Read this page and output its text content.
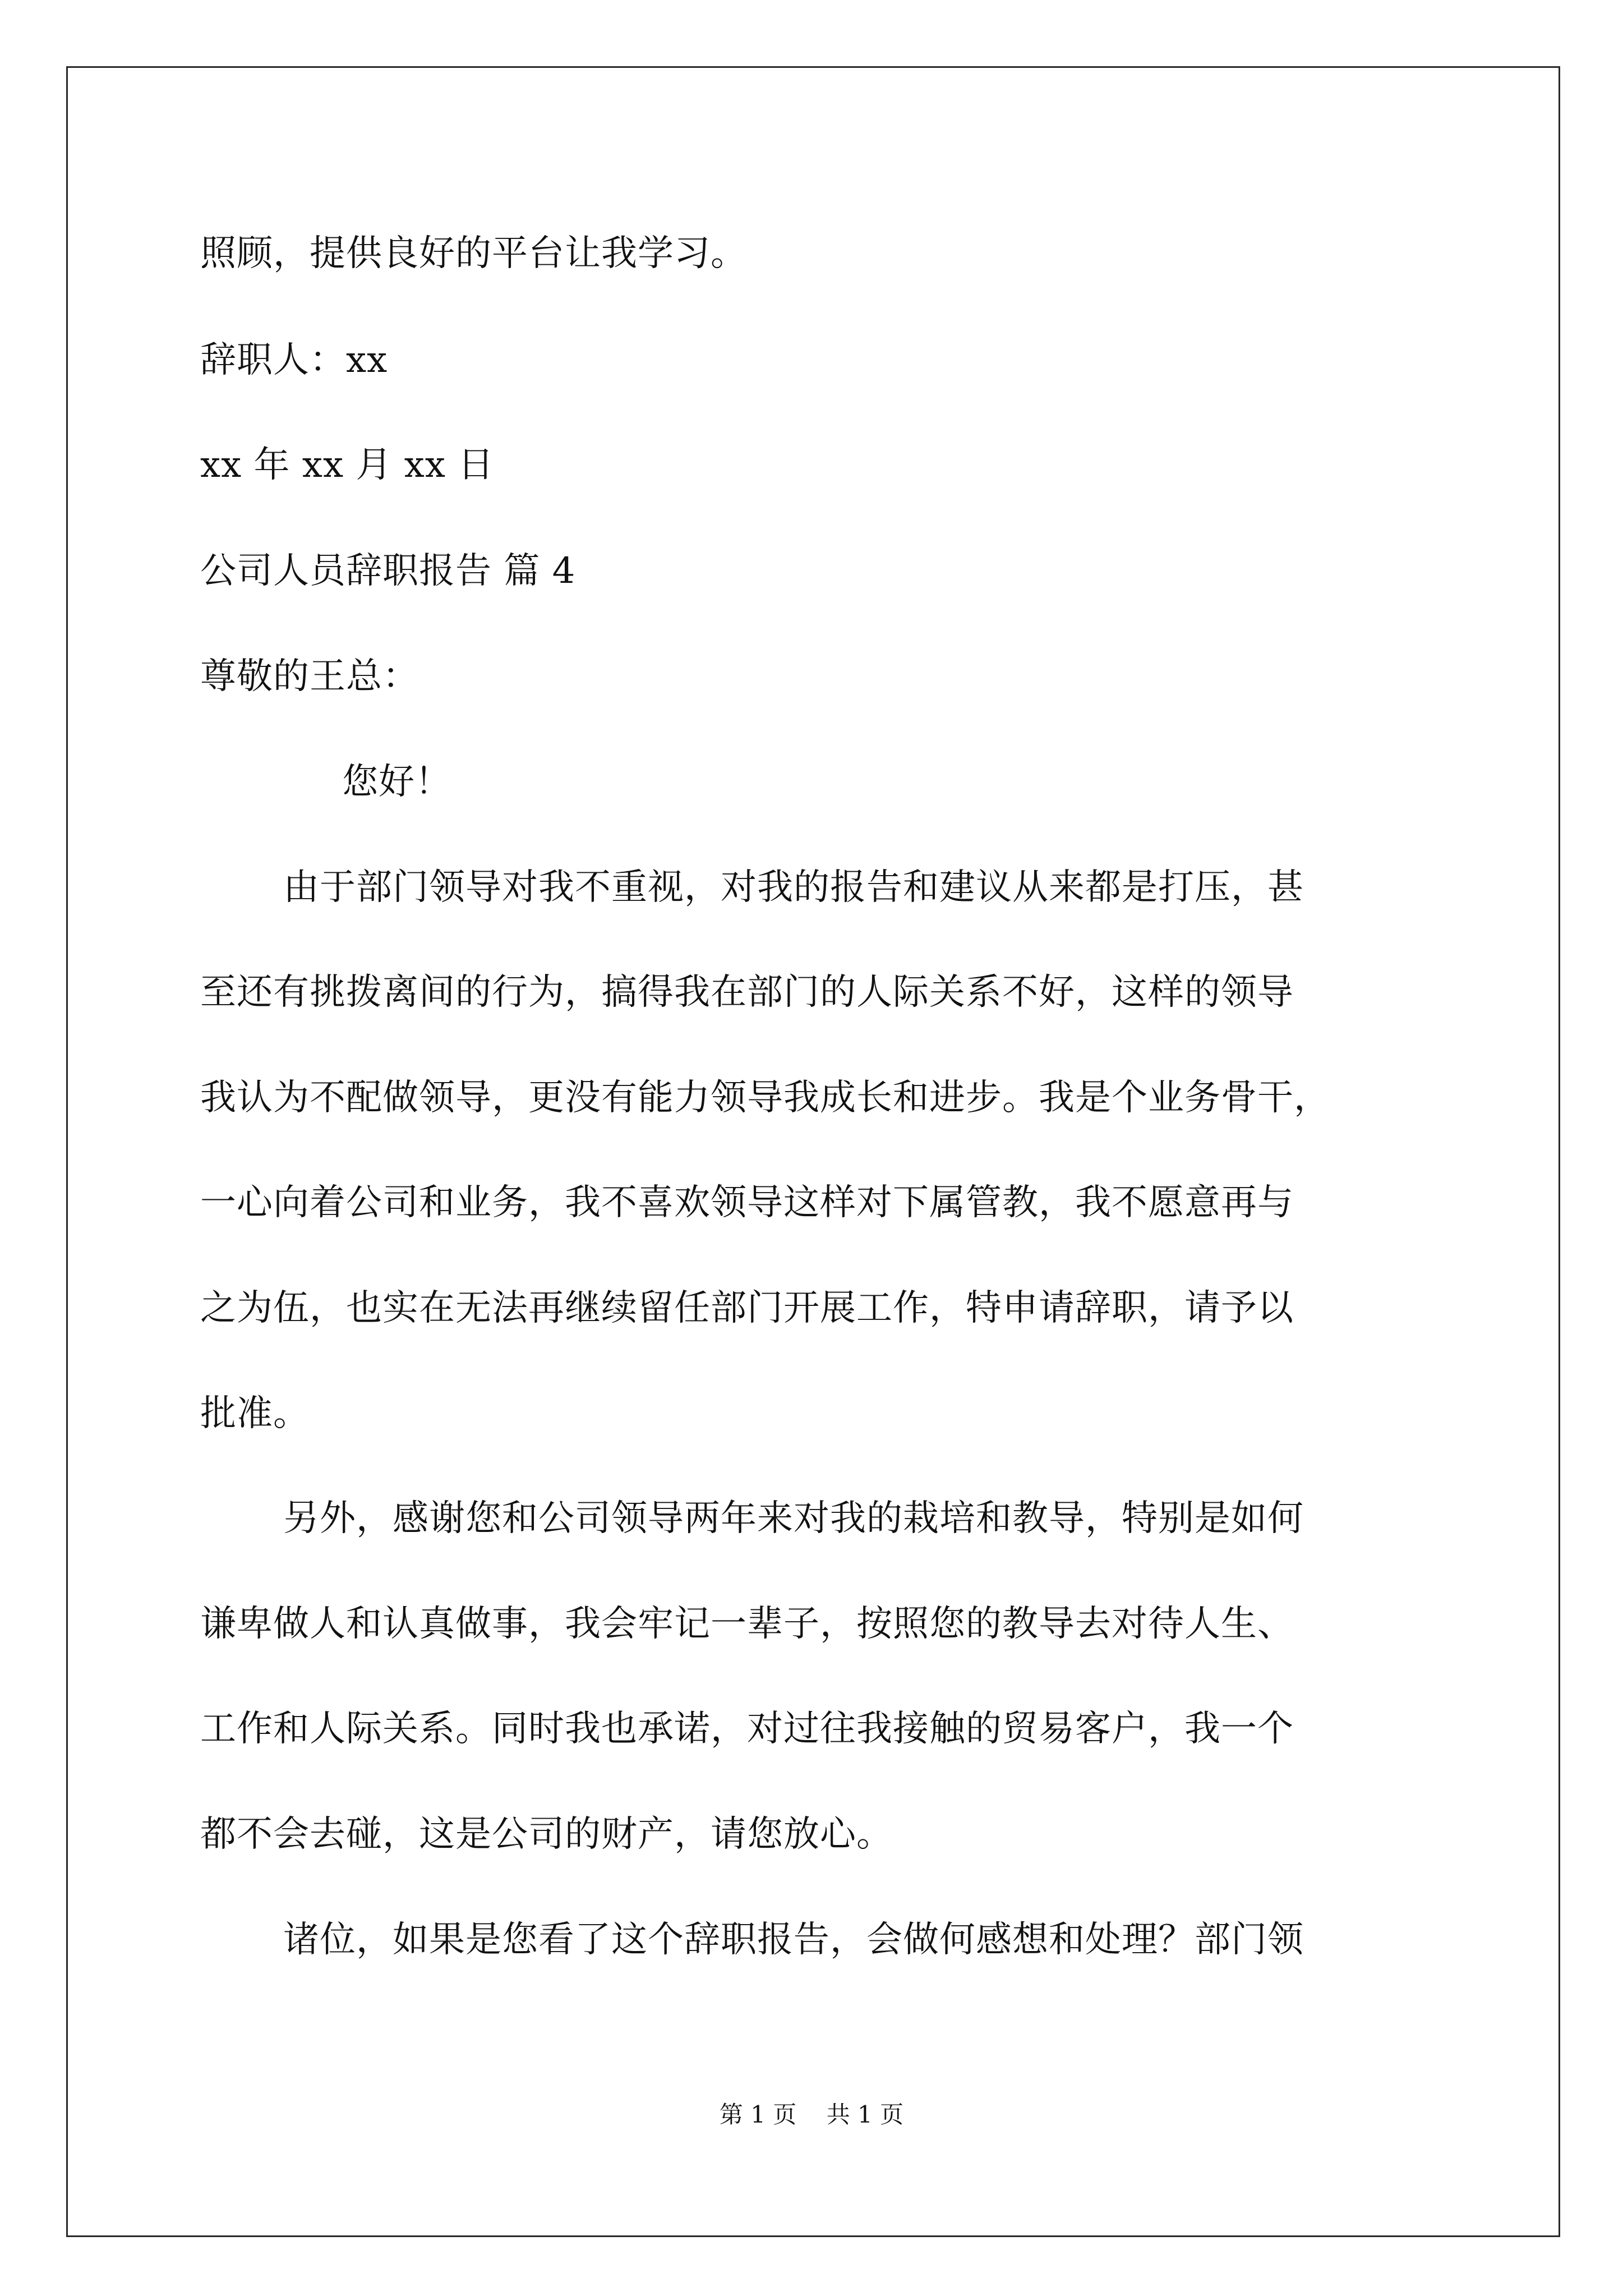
照顾，提供良好的平台让我学习。
辞职人：xx
xx 年 xx 月 xx 日
公司人员辞职报告 篇 4
尊敬的王总：
您好！
由于部门领导对我不重视，对我的报告和建议从来都是打压，甚
至还有挑拨离间的行为，搞得我在部门的人际关系不好，这样的领导
我认为不配做领导，更没有能力领导我成长和进步。我是个业务骨干，
一心向着公司和业务，我不喜欢领导这样对下属管教，我不愿意再与
之为伍，也实在无法再继续留任部门开展工作，特申请辞职，请予以
批准。
另外，感谢您和公司领导两年来对我的栽培和教导，特别是如何
谦卑做人和认真做事，我会牢记一辈子，按照您的教导去对待人生、
工作和人际关系。同时我也承诺，对过往我接触的贸易客户，我一个
都不会去碰，这是公司的财产，请您放心。
诸位，如果是您看了这个辞职报告，会做何感想和处理？部门领
第 1 页    共 1 页
